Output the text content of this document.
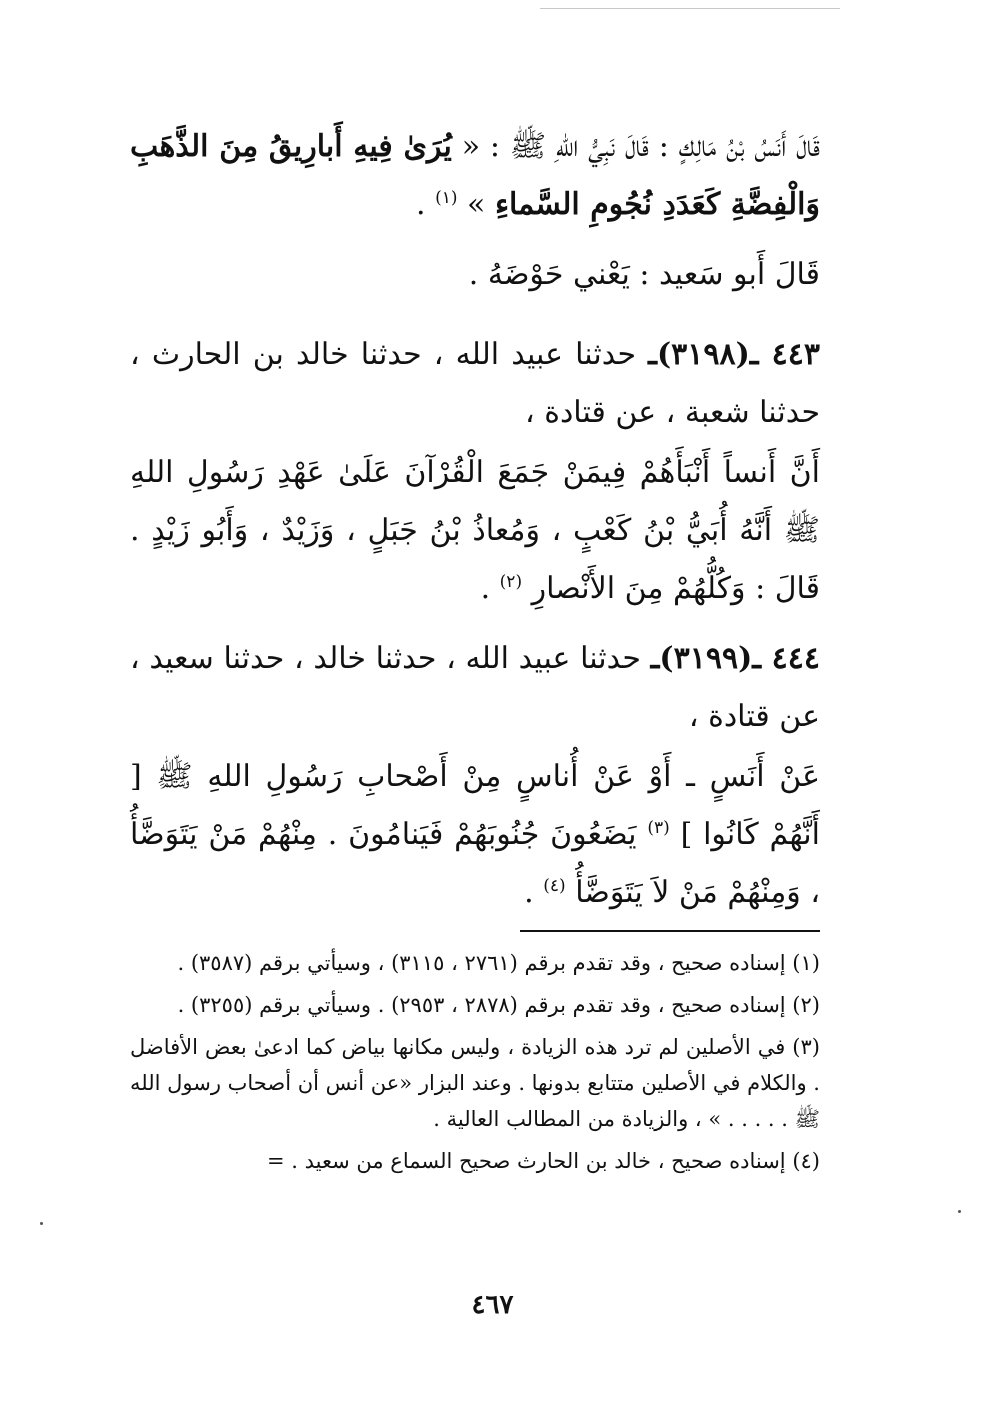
قَالَ أَنَسُ بْنُ مَالِكٍ : قَالَ نَبِيُّ اللهِ ﷺ : « يُرَىٰ فِيهِ أَبارِيقُ مِنَ الذَّهَبِ وَالْفِضَّةِ كَعَدَدِ نُجُومِ السَّماءِ » $^{(١)}$ .

قَالَ أَبو سَعيد : يَعْني حَوْضَهُ .

٤٤٣ ـ(٣١٩٨)ـ حدثنا عبيد الله ، حدثنا خالد بن الحارث ، حدثنا شعبة ، عن قتادة ،

أَنَّ أَنساً أَنْبَأَهُمْ فِيمَنْ جَمَعَ الْقُرْآنَ عَلَىٰ عَهْدِ رَسُولِ اللهِ ﷺ أَنَّهُ أُبَيُّ بْنُ كَعْبٍ ، وَمُعاذُ بْنُ جَبَلٍ ، وَزَيْدٌ ، وَأَبُو زَيْدٍ . قَالَ : وَكُلُّهُمْ مِنَ الأَنْصارِ $^{(٢)}$ .

٤٤٤ ـ(٣١٩٩)ـ حدثنا عبيد الله ، حدثنا خالد ، حدثنا سعيد ، عن قتادة ،

عَنْ أَنَسٍ ـ أَوْ عَنْ أُناسٍ مِنْ أَصْحابِ رَسُولِ اللهِ ﷺ [ أَنَّهُمْ كَانُوا ] $^{(٣)}$ يَضَعُونَ جُنُوبَهُمْ فَيَنامُونَ . مِنْهُمْ مَنْ يَتَوَضَّأُ ، وَمِنْهُمْ مَنْ لاَ يَتَوَضَّأُ $^{(٤)}$ .

(١) إسناده صحيح ، وقد تقدم برقم (٢٧٦١ ، ٣١١٥) ، وسيأتي برقم (٣٥٨٧) .

(٢) إسناده صحيح ، وقد تقدم برقم (٢٨٧٨ ، ٢٩٥٣) . وسيأتي برقم (٣٢٥٥) .

(٣) في الأصلين لم ترد هذه الزيادة ، وليس مكانها بياض كما ادعىٰ بعض الأفاضل . والكلام في الأصلين متتابع بدونها . وعند البزار «عن أنس أن أصحاب رسول الله ﷺ . . . . . » ، والزيادة من المطالب العالية .

(٤) إسناده صحيح ، خالد بن الحارث صحيح السماع من سعيد . =

٤٦٧
